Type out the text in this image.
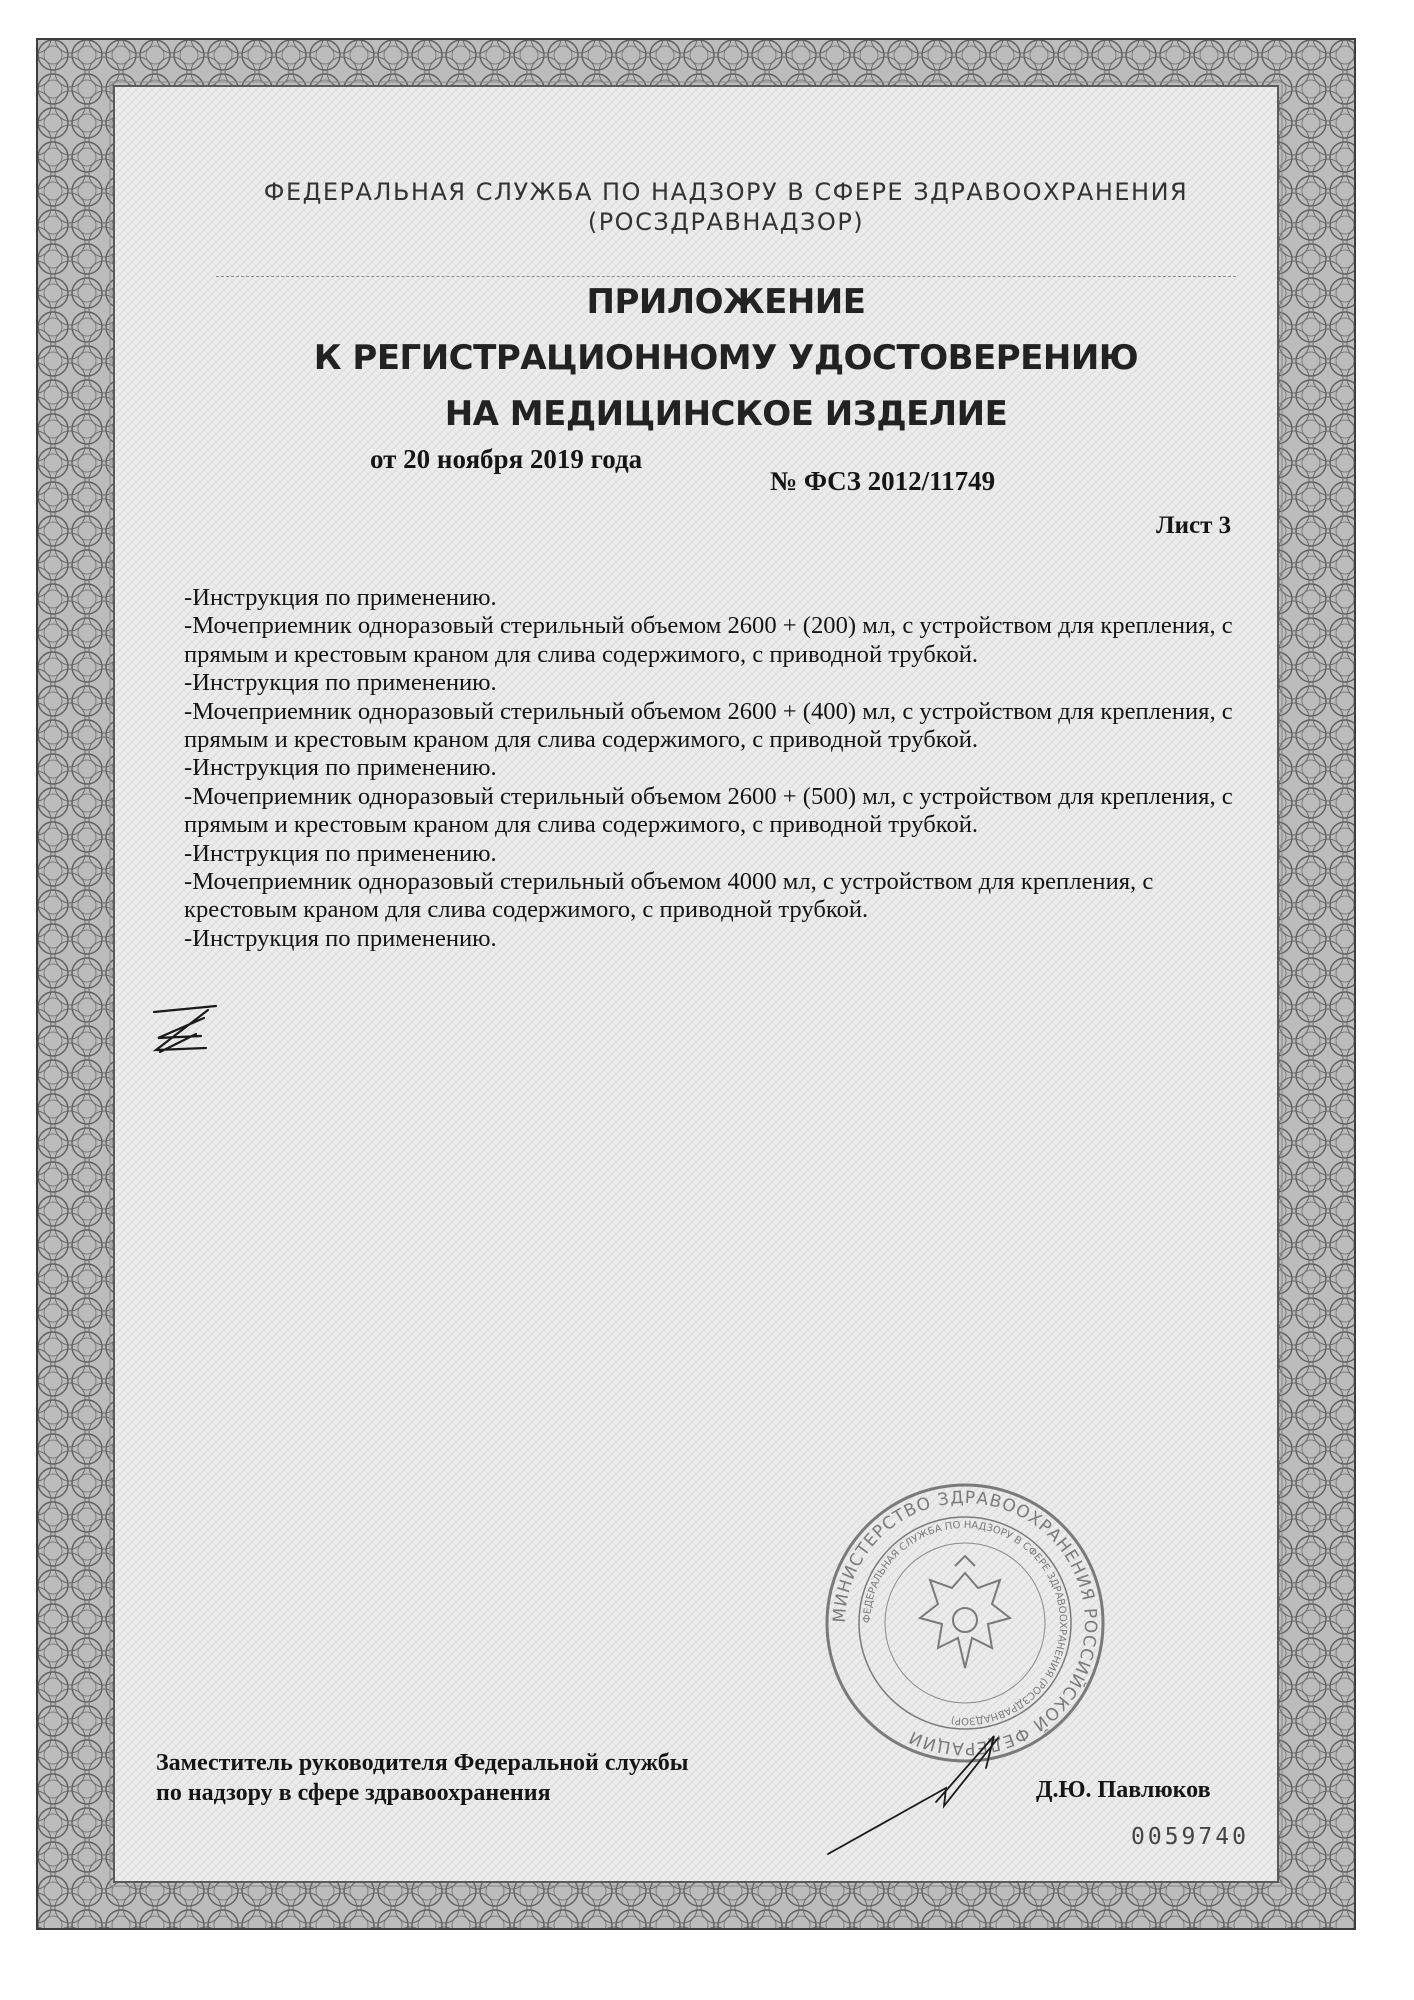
ФЕДЕРАЛЬНАЯ СЛУЖБА ПО НАДЗОРУ В СФЕРЕ ЗДРАВООХРАНЕНИЯ
(РОСЗДРАВНАДЗОР)
ПРИЛОЖЕНИЕ
К РЕГИСТРАЦИОННОМУ УДОСТОВЕРЕНИЮ
НА МЕДИЦИНСКОЕ ИЗДЕЛИЕ
от 20 ноября 2019 года
№ ФСЗ 2012/11749
Лист 3

-Инструкция по применению.

-Мочеприемник одноразовый стерильный объемом 2600 + (200) мл, с устройством для крепления, с прямым и крестовым краном для слива содержимого, с приводной трубкой.

-Инструкция по применению.

-Мочеприемник одноразовый стерильный объемом 2600 + (400) мл, с устройством для крепления, с прямым и крестовым краном для слива содержимого, с приводной трубкой.

-Инструкция по применению.

-Мочеприемник одноразовый стерильный объемом 2600 + (500) мл, с устройством для крепления, с прямым и крестовым краном для слива содержимого, с приводной трубкой.

-Инструкция по применению.

-Мочеприемник одноразовый стерильный объемом 4000 мл, с устройством для крепления, с крестовым краном для слива содержимого, с приводной трубкой.

-Инструкция по применению.

МИНИСТЕРСТВО ЗДРАВООХРАНЕНИЯ РОССИЙСКОЙ ФЕДЕРАЦИИ
ФЕДЕРАЛЬНАЯ СЛУЖБА ПО НАДЗОРУ В СФЕРЕ ЗДРАВООХРАНЕНИЯ (РОСЗДРАВНАДЗОР)
Заместитель руководителя Федеральной службы
по надзору в сфере здравоохранения	Д.Ю. Павлюков
0059740
